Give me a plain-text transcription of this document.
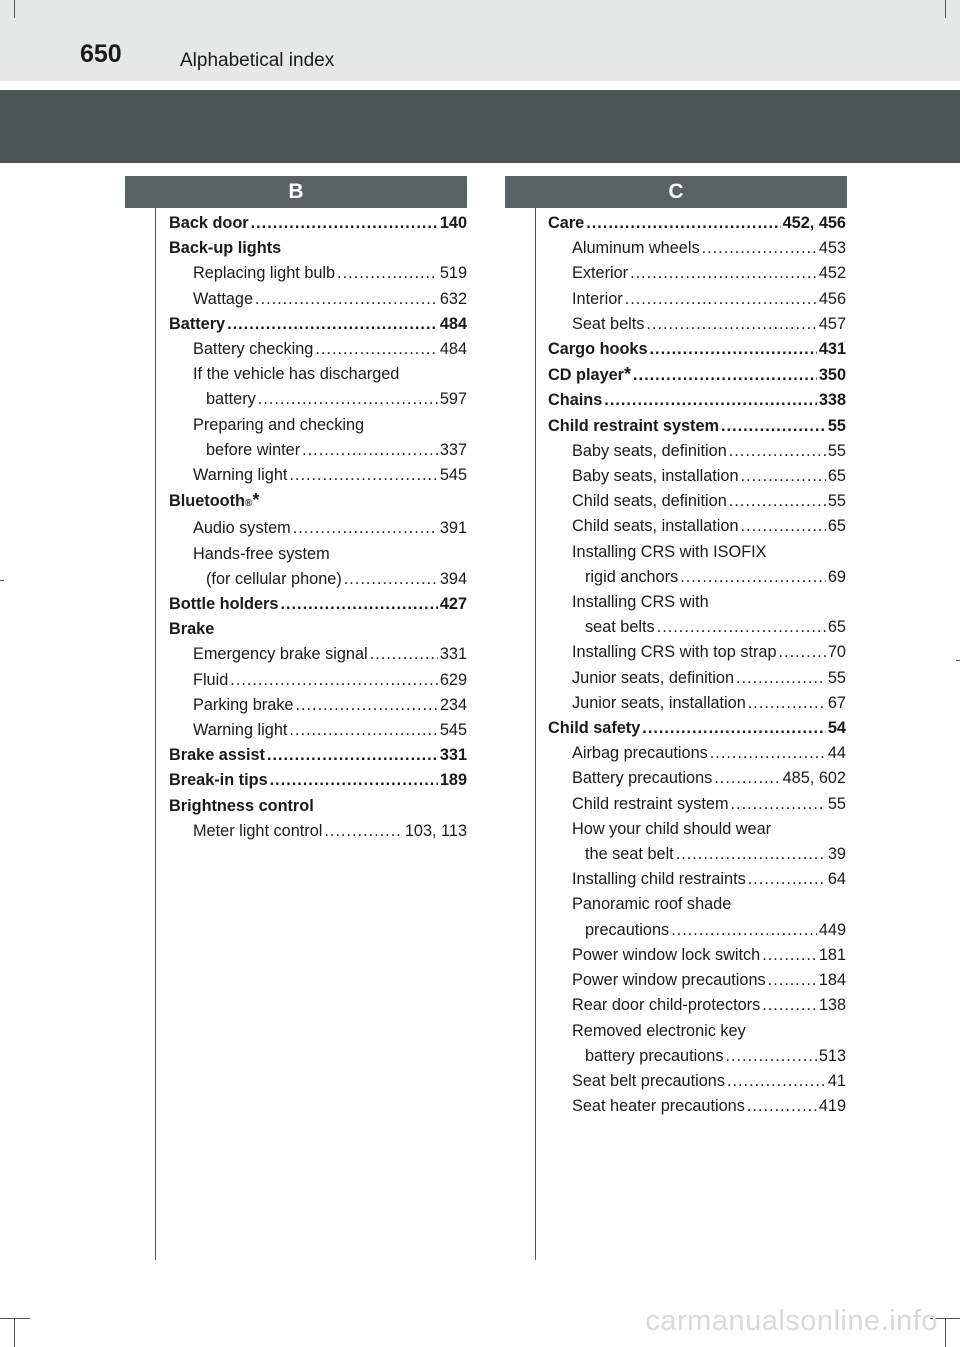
650	Alphabetical index
B	C
Back door .....	140
Back-up lights
Replacing light bulb .....	519
Wattage .....	632
Battery .....	484
Battery checking .....	484
If the vehicle has discharged
battery .....	597
Preparing and checking
before winter .....	337
Warning light .....	545
Bluetooth ® *
Audio system .....	391
Hands-free system
(for cellular phone) .....	394
Bottle holders .....	427
Brake
Emergency brake signal .....	331
Fluid .....	629
Parking brake .....	234
Warning light .....	545
Brake assist .....	331
Break-in tips .....	189
Brightness control
Meter light control .....	103, 113
Care .....	452, 456
Aluminum wheels .....	453
Exterior .....	452
Interior .....	456
Seat belts .....	457
Cargo hooks .....	431
CD player * .....	350
Chains .....	338
Child restraint system .....	55
Baby seats, definition .....	55
Baby seats, installation .....	65
Child seats, definition .....	55
Child seats, installation .....	65
Installing CRS with ISOFIX
rigid anchors .....	69
Installing CRS with
seat belts .....	65
Installing CRS with top strap .....	70
Junior seats, definition .....	55
Junior seats, installation .....	67
Child safety .....	54
Airbag precautions .....	44
Battery precautions .....	485, 602
Child restraint system .....	55
How your child should wear
the seat belt .....	39
Installing child restraints .....	64
Panoramic roof shade
precautions .....	449
Power window lock switch .....	181
Power window precautions .....	184
Rear door child-protectors .....	138
Removed electronic key
battery precautions .....	513
Seat belt precautions .....	41
Seat heater precautions .....	419
carmanualsonline.info
